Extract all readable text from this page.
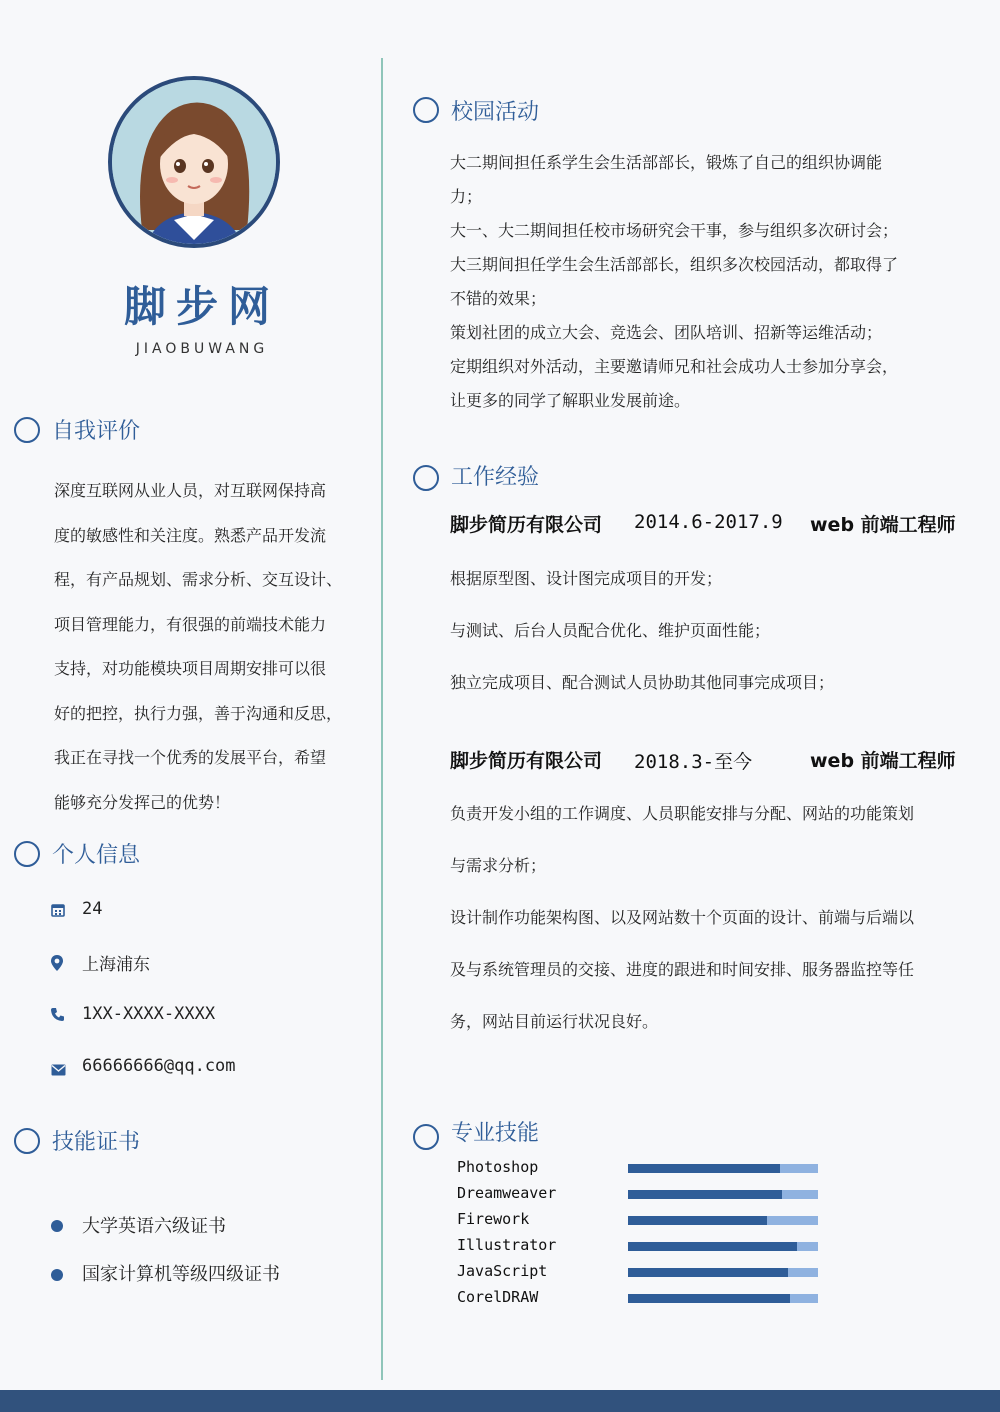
脚步网
JIAOBUWANG
自我评价
深度互联网从业人员，对互联网保持高
度的敏感性和关注度。熟悉产品开发流
程，有产品规划、需求分析、交互设计、
项目管理能力，有很强的前端技术能力
支持，对功能模块项目周期安排可以很
好的把控，执行力强，善于沟通和反思，
我正在寻找一个优秀的发展平台，希望
能够充分发挥己的优势！
个人信息
24
上海浦东
1XX-XXXX-XXXX
66666666@qq.com
技能证书
大学英语六级证书
国家计算机等级四级证书
校园活动
大二期间担任系学生会生活部部长，锻炼了自己的组织协调能
力；
大一、大二期间担任校市场研究会干事，参与组织多次研讨会；
大三期间担任学生会生活部部长，组织多次校园活动，都取得了
不错的效果；
策划社团的成立大会、竞选会、团队培训、招新等运维活动；
定期组织对外活动，主要邀请师兄和社会成功人士参加分享会，
让更多的同学了解职业发展前途。
工作经验
脚步简历有限公司 2014.6-2017.9 web 前端工程师
根据原型图、设计图完成项目的开发；
与测试、后台人员配合优化、维护页面性能；
独立完成项目、配合测试人员协助其他同事完成项目；
脚步简历有限公司 2018.3-至今	web 前端工程师
负责开发小组的工作调度、人员职能安排与分配、网站的功能策划
与需求分析；
设计制作功能架构图、以及网站数十个页面的设计、前端与后端以
及与系统管理员的交接、进度的跟进和时间安排、服务器监控等任
务，网站目前运行状况良好。
专业技能
Photoshop
Dreamweaver
Firework
Illustrator
JavaScript
CorelDRAW
